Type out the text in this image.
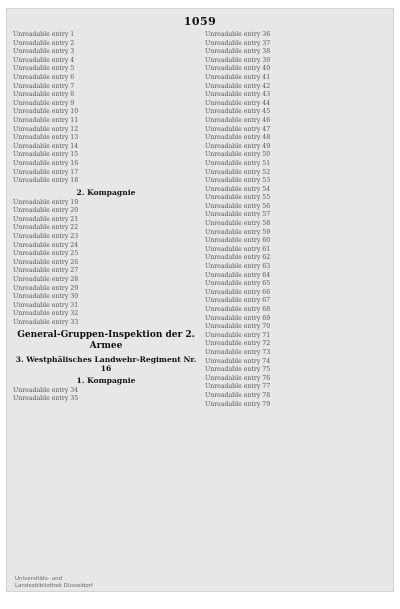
1059
Unreadable entry 1
Unreadable entry 2
Unreadable entry 3
Unreadable entry 4
Unreadable entry 5
Unreadable entry 6
Unreadable entry 7
Unreadable entry 8
Unreadable entry 9
Unreadable entry 10
Unreadable entry 11
Unreadable entry 12
Unreadable entry 13
Unreadable entry 14
Unreadable entry 15
Unreadable entry 16
Unreadable entry 17
Unreadable entry 18
2. Kompagnie
Unreadable entry 19
Unreadable entry 20
Unreadable entry 21
Unreadable entry 22
Unreadable entry 23
Unreadable entry 24
Unreadable entry 25
Unreadable entry 26
Unreadable entry 27
Unreadable entry 28
Unreadable entry 29
Unreadable entry 30
Unreadable entry 31
Unreadable entry 32
Unreadable entry 33
General-Gruppen-Inspektion der 2. Armee
3. Westphälisches Landwehr-Regiment Nr. 16
1. Kompagnie
Unreadable entry 34
Unreadable entry 35
Unreadable entry 36
Unreadable entry 37
Unreadable entry 38
Unreadable entry 39
Unreadable entry 40
Unreadable entry 41
Unreadable entry 42
Unreadable entry 43
Unreadable entry 44
Unreadable entry 45
Unreadable entry 46
Unreadable entry 47
Unreadable entry 48
Unreadable entry 49
Unreadable entry 50
Unreadable entry 51
Unreadable entry 52
Unreadable entry 53
Unreadable entry 54
Unreadable entry 55
Unreadable entry 56
Unreadable entry 57
Unreadable entry 58
Unreadable entry 59
Unreadable entry 60
Unreadable entry 61
Unreadable entry 62
Unreadable entry 63
Unreadable entry 64
Unreadable entry 65
Unreadable entry 66
Unreadable entry 67
Unreadable entry 68
Unreadable entry 69
Unreadable entry 70
Unreadable entry 71
Unreadable entry 72
Unreadable entry 73
Unreadable entry 74
Unreadable entry 75
Unreadable entry 76
Unreadable entry 77
Unreadable entry 78
Unreadable entry 79
Universitäts- und
Landesbibliothek Düsseldorf
